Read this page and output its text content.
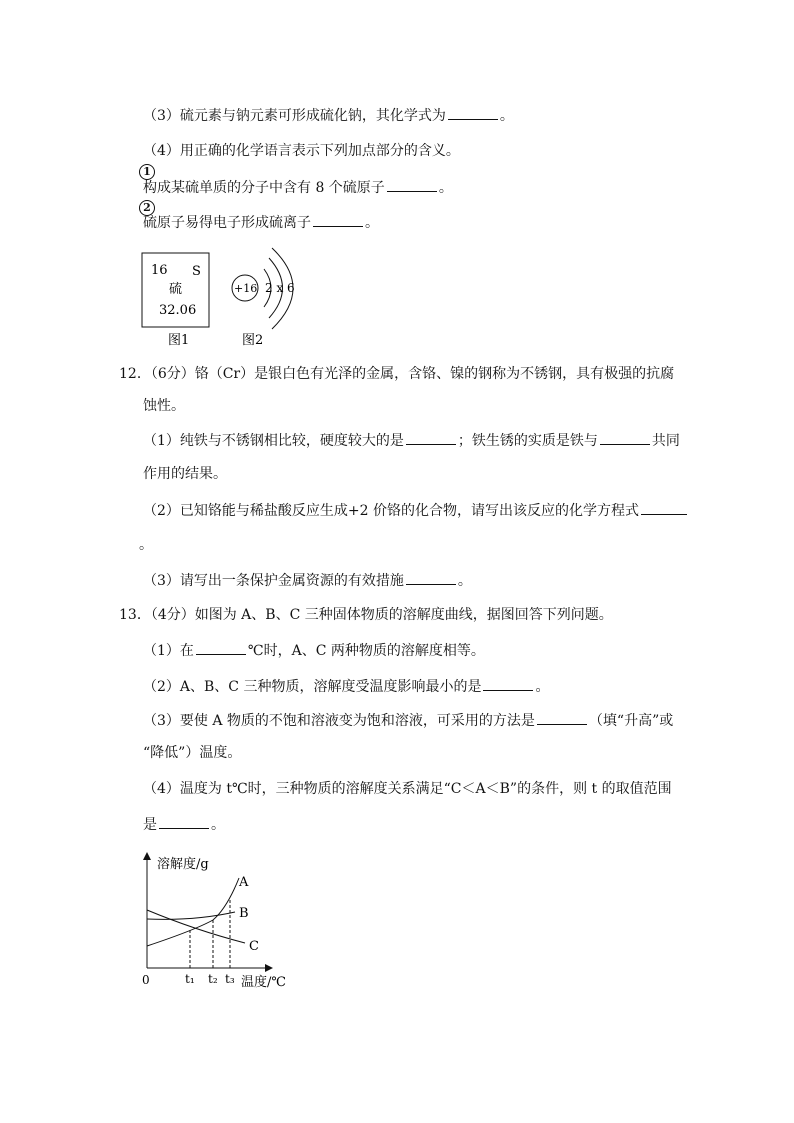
（3）硫元素与钠元素可形成硫化钠，其化学式为	。
（4）用正确的化学语言表示下列加点部分的含义。
1
构成某硫单质的分子中含有 8 个硫原子	。
2
硫原子易得电子形成硫离子	。
16 S
硫
32.06
图1
+16 2 x 6
图2
12．（6分）铬（Cr）是银白色有光泽的金属，含铬、镍的钢称为不锈钢，具有极强的抗腐
蚀性。
（1）纯铁与不锈钢相比较，硬度较大的是	；铁生锈的实质是铁与	共同
作用的结果。
（2）已知铬能与稀盐酸反应生成+2 价铬的化合物，请写出该反应的化学方程式
。
（3）请写出一条保护金属资源的有效措施	。
13．（4分）如图为 A、B、C 三种固体物质的溶解度曲线，据图回答下列问题。
（1）在	℃时，A、C 两种物质的溶解度相等。
（2）A、B、C 三种物质，溶解度受温度影响最小的是	。
（3）要使 A 物质的不饱和溶液变为饱和溶液，可采用的方法是	（填“升高”或
“降低”）温度。
（4）温度为 t℃时，三种物质的溶解度关系满足“C＜A＜B”的条件，则 t 的取值范围
是	。
溶解度/g
温度/℃
0
A
B
C
t₁ t₂ t₃
